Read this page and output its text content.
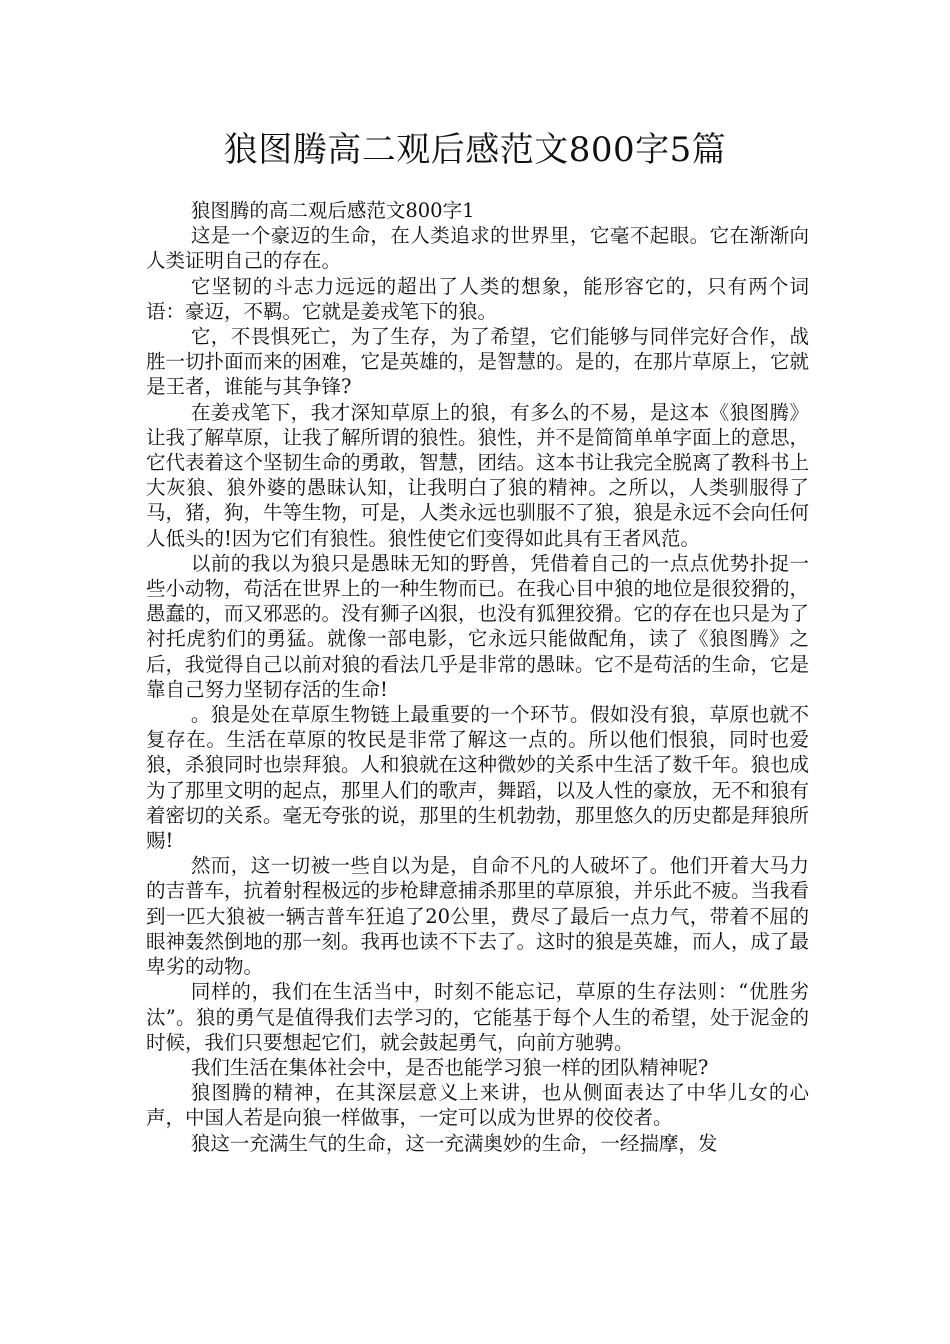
狼图腾高二观后感范文800字5篇

狼图腾的高二观后感范文800字1

这是一个豪迈的生命，在人类追求的世界里，它毫不起眼。它在渐渐向人类证明自己的存在。

它坚韧的斗志力远远的超出了人类的想象，能形容它的，只有两个词语：豪迈，不羁。它就是姜戎笔下的狼。

它，不畏惧死亡，为了生存，为了希望，它们能够与同伴完好合作，战胜一切扑面而来的困难，它是英雄的，是智慧的。是的，在那片草原上，它就是王者，谁能与其争锋?

在姜戎笔下，我才深知草原上的狼，有多么的不易，是这本《狼图腾》让我了解草原，让我了解所谓的狼性。狼性，并不是简简单单字面上的意思，它代表着这个坚韧生命的勇敢，智慧，团结。这本书让我完全脱离了教科书上大灰狼、狼外婆的愚昧认知，让我明白了狼的精神。之所以，人类驯服得了马，猪，狗，牛等生物，可是，人类永远也驯服不了狼，狼是永远不会向任何人低头的!因为它们有狼性。狼性使它们变得如此具有王者风范。

以前的我以为狼只是愚昧无知的野兽，凭借着自己的一点点优势扑捉一些小动物，苟活在世界上的一种生物而已。在我心目中狼的地位是很狡猾的，愚蠢的，而又邪恶的。没有狮子凶狠，也没有狐狸狡猾。它的存在也只是为了衬托虎豹们的勇猛。就像一部电影，它永远只能做配角，读了《狼图腾》之后，我觉得自己以前对狼的看法几乎是非常的愚昧。它不是苟活的生命，它是靠自己努力坚韧存活的生命!

。狼是处在草原生物链上最重要的一个环节。假如没有狼，草原也就不复存在。生活在草原的牧民是非常了解这一点的。所以他们恨狼，同时也爱狼，杀狼同时也崇拜狼。人和狼就在这种微妙的关系中生活了数千年。狼也成为了那里文明的起点，那里人们的歌声，舞蹈，以及人性的豪放，无不和狼有着密切的关系。毫无夸张的说，那里的生机勃勃，那里悠久的历史都是拜狼所赐!

然而，这一切被一些自以为是，自命不凡的人破坏了。他们开着大马力的吉普车，抗着射程极远的步枪肆意捕杀那里的草原狼，并乐此不疲。当我看到一匹大狼被一辆吉普车狂追了20公里，费尽了最后一点力气，带着不屈的眼神轰然倒地的那一刻。我再也读不下去了。这时的狼是英雄，而人，成了最卑劣的动物。

同样的，我们在生活当中，时刻不能忘记，草原的生存法则：“优胜劣汰”。狼的勇气是值得我们去学习的，它能基于每个人生的希望，处于泥金的时候，我们只要想起它们，就会鼓起勇气，向前方驰骋。

我们生活在集体社会中，是否也能学习狼一样的团队精神呢?

狼图腾的精神，在其深层意义上来讲，也从侧面表达了中华儿女的心声，中国人若是向狼一样做事，一定可以成为世界的佼佼者。

狼这一充满生气的生命，这一充满奥妙的生命，一经揣摩，发
